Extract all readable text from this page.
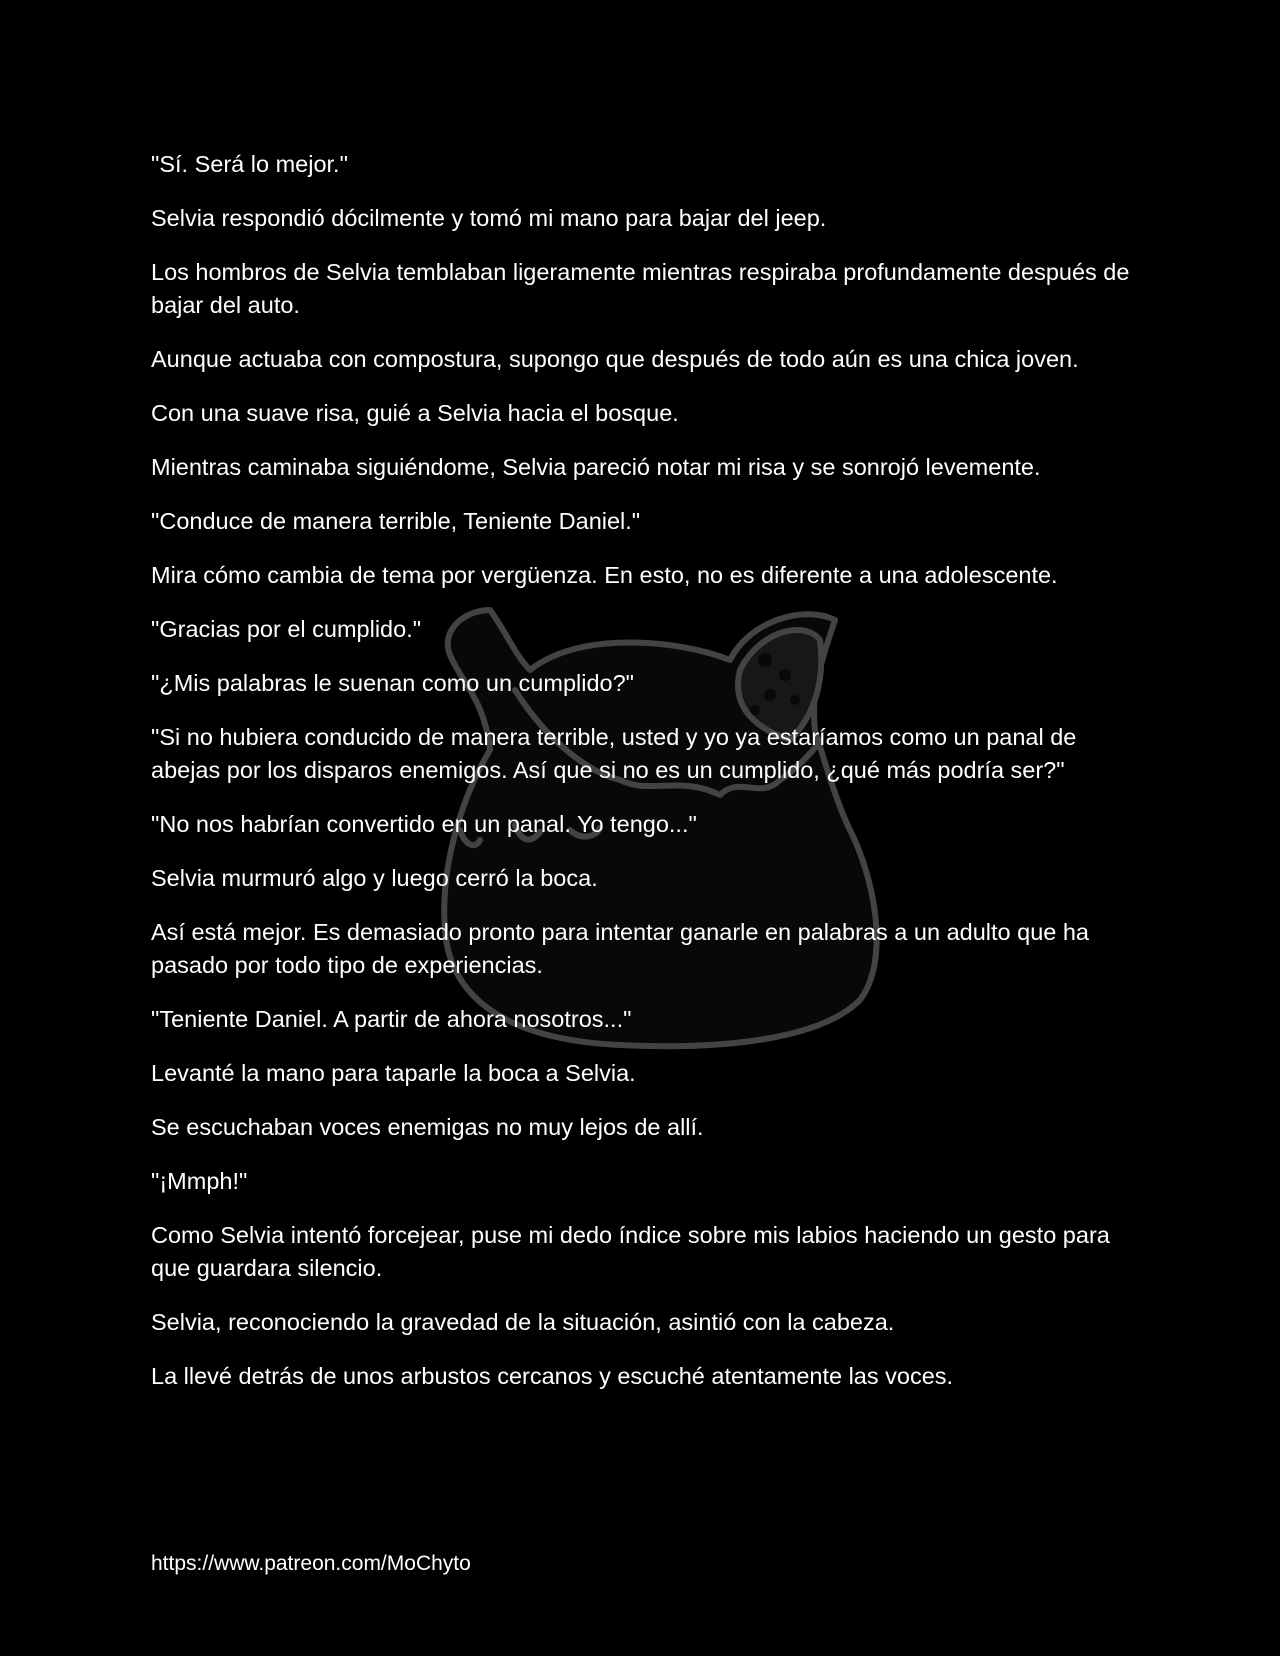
"Sí. Será lo mejor."

Selvia respondió dócilmente y tomó mi mano para bajar del jeep.

Los hombros de Selvia temblaban ligeramente mientras respiraba profundamente después de bajar del auto.

Aunque actuaba con compostura, supongo que después de todo aún es una chica joven.

Con una suave risa, guié a Selvia hacia el bosque.

Mientras caminaba siguiéndome, Selvia pareció notar mi risa y se sonrojó levemente.

"Conduce de manera terrible, Teniente Daniel."

Mira cómo cambia de tema por vergüenza. En esto, no es diferente a una adolescente.

"Gracias por el cumplido."

"¿Mis palabras le suenan como un cumplido?"

"Si no hubiera conducido de manera terrible, usted y yo ya estaríamos como un panal de abejas por los disparos enemigos. Así que si no es un cumplido, ¿qué más podría ser?"

"No nos habrían convertido en un panal. Yo tengo..."

Selvia murmuró algo y luego cerró la boca.

Así está mejor. Es demasiado pronto para intentar ganarle en palabras a un adulto que ha pasado por todo tipo de experiencias.

"Teniente Daniel. A partir de ahora nosotros..."

Levanté la mano para taparle la boca a Selvia.

Se escuchaban voces enemigas no muy lejos de allí.

"¡Mmph!"

Como Selvia intentó forcejear, puse mi dedo índice sobre mis labios haciendo un gesto para que guardara silencio.

Selvia, reconociendo la gravedad de la situación, asintió con la cabeza.

La llevé detrás de unos arbustos cercanos y escuché atentamente las voces.

https://www.patreon.com/MoChyto
